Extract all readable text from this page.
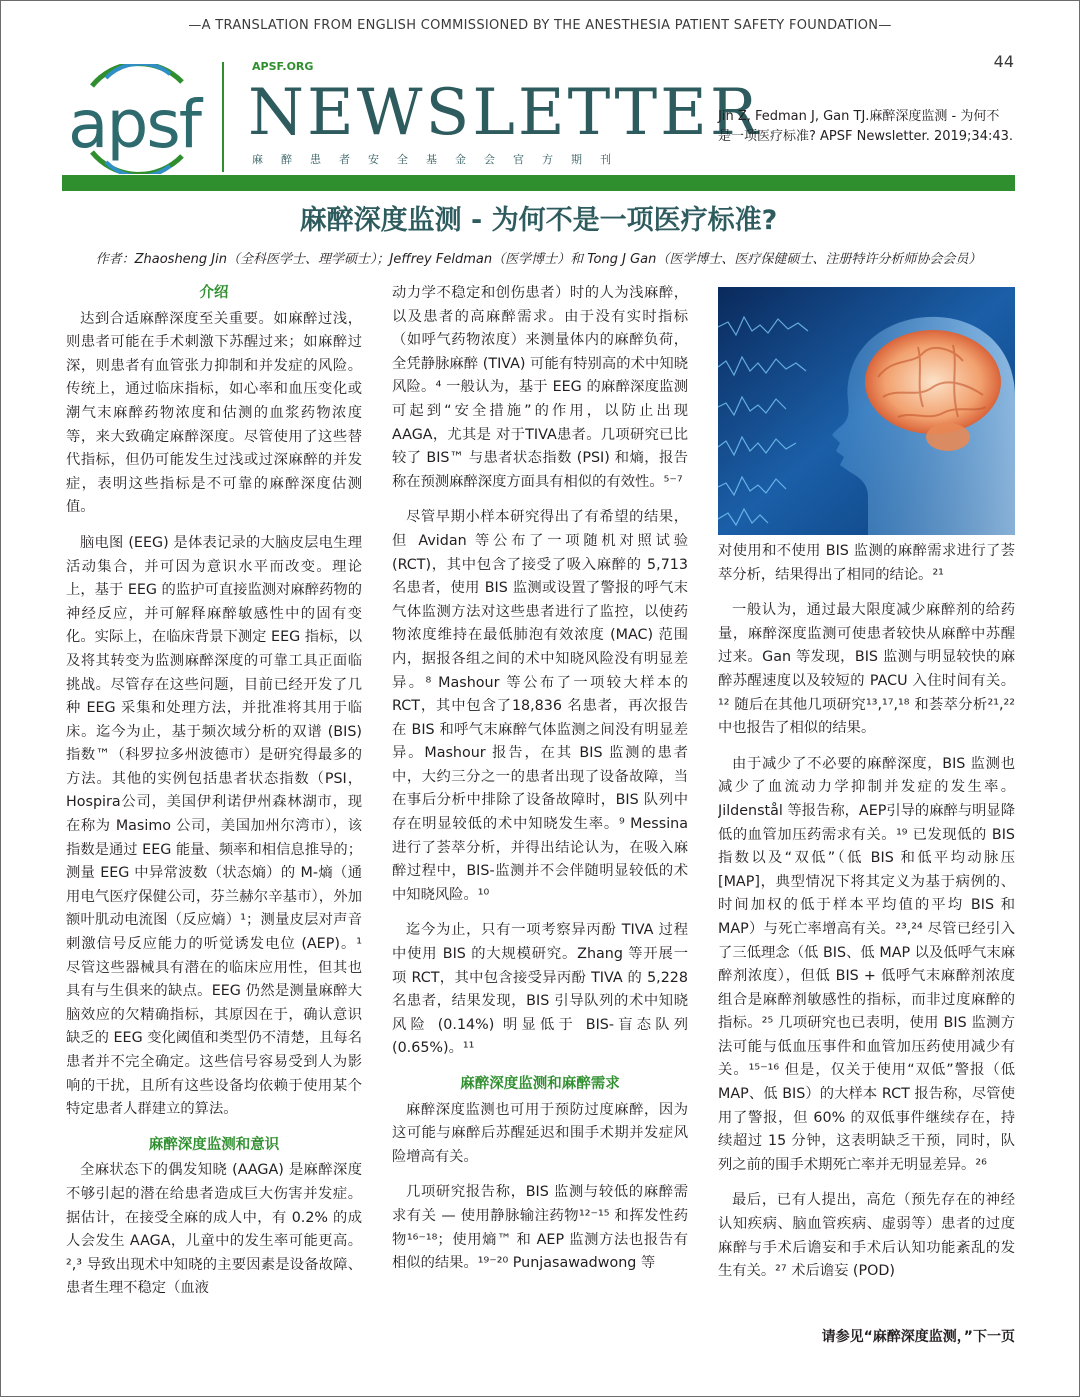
—A TRANSLATION FROM ENGLISH COMMISSIONED BY THE ANESTHESIA PATIENT SAFETY FOUNDATION—
44
apsf
APSF.ORG
NEWSLETTER
麻醉患者安全基金会官方期刊
Jin Z, Fedman J, Gan TJ.麻醉深度监测 - 为何不
是一项医疗标准? APSF Newsletter. 2019;34:43.
麻醉深度监测 - 为何不是一项医疗标准?
作者：Zhaosheng Jin（全科医学士、理学硕士）；Jeffrey Feldman（医学博士）和 Tong J Gan（医学博士、医疗保健硕士、注册特许分析师协会会员）
介绍

达到合适麻醉深度至关重要。如麻醉过浅，则患者可能在手术刺激下苏醒过来；如麻醉过深，则患者有血管张力抑制和并发症的风险。传统上，通过临床指标，如心率和血压变化或潮气末麻醉药物浓度和估测的血浆药物浓度等，来大致确定麻醉深度。尽管使用了这些替代指标，但仍可能发生过浅或过深麻醉的并发症，表明这些指标是不可靠的麻醉深度估测值。

脑电图 (EEG) 是体表记录的大脑皮层电生理活动集合，并可因为意识水平而改变。理论上，基于 EEG 的监护可直接监测对麻醉药物的神经反应，并可解释麻醉敏感性中的固有变化。实际上，在临床背景下测定 EEG 指标，以及将其转变为监测麻醉深度的可靠工具正面临挑战。尽管存在这些问题，目前已经开发了几种 EEG 采集和处理方法，并批准将其用于临床。迄今为止，基于频次域分析的双谱 (BIS) 指数™（科罗拉多州波德市）是研究得最多的方法。其他的实例包括患者状态指数（PSI，Hospira公司，美国伊利诺伊州森林湖市，现在称为 Masimo 公司，美国加州尔湾市），该指数是通过 EEG 能量、频率和相信息推导的；测量 EEG 中异常波数（状态熵）的 M-熵（通用电气医疗保健公司，芬兰赫尔辛基市），外加额叶肌动电流图（反应熵）¹；测量皮层对声音刺激信号反应能力的听觉诱发电位 (AEP)。¹ 尽管这些器械具有潜在的临床应用性，但其也具有与生俱来的缺点。EEG 仍然是测量麻醉大脑效应的欠精确指标，其原因在于，确认意识缺乏的 EEG 变化阈值和类型仍不清楚，且每名患者并不完全确定。这些信号容易受到人为影响的干扰，且所有这些设备均依赖于使用某个特定患者人群建立的算法。

麻醉深度监测和意识

全麻状态下的偶发知晓 (AAGA) 是麻醉深度不够引起的潜在给患者造成巨大伤害并发症。据估计，在接受全麻的成人中，有 0.2% 的成人会发生 AAGA，儿童中的发生率可能更高。²,³ 导致出现术中知晓的主要因素是设备故障、患者生理不稳定（血液

动力学不稳定和创伤患者）时的人为浅麻醉，以及患者的高麻醉需求。由于没有实时指标（如呼气药物浓度）来测量体内的麻醉负荷，全凭静脉麻醉 (TIVA) 可能有特别高的术中知晓风险。⁴ 一般认为，基于 EEG 的麻醉深度监测可起到“安全措施”的作用，以防止出现 AAGA，尤其是 对于TIVA患者。几项研究已比较了 BIS™ 与患者状态指数 (PSI) 和熵，报告称在预测麻醉深度方面具有相似的有效性。⁵⁻⁷

尽管早期小样本研究得出了有希望的结果，但 Avidan 等公布了一项随机对照试验 (RCT)，其中包含了接受了吸入麻醉的 5,713 名患者，使用 BIS 监测或设置了警报的呼气末气体监测方法对这些患者进行了监控，以使药物浓度维持在最低肺泡有效浓度 (MAC) 范围内，据报各组之间的术中知晓风险没有明显差异。⁸ Mashour 等公布了一项较大样本的 RCT，其中包含了18,836 名患者，再次报告在 BIS 和呼气末麻醉气体监测之间没有明显差异。Mashour 报告，在其 BIS 监测的患者中，大约三分之一的患者出现了设备故障，当在事后分析中排除了设备故障时，BIS 队列中存在明显较低的术中知晓发生率。⁹ Messina 进行了荟萃分析，并得出结论认为，在吸入麻醉过程中，BIS-监测并不会伴随明显较低的术中知晓风险。¹⁰

迄今为止，只有一项考察异丙酚 TIVA 过程中使用 BIS 的大规模研究。Zhang 等开展一项 RCT，其中包含接受异丙酚 TIVA 的 5,228 名患者，结果发现，BIS 引导队列的术中知晓风险 (0.14%) 明显低于 BIS-盲态队列 (0.65%)。¹¹

麻醉深度监测和麻醉需求

麻醉深度监测也可用于预防过度麻醉，因为这可能与麻醉后苏醒延迟和围手术期并发症风险增高有关。

几项研究报告称，BIS 监测与较低的麻醉需求有关 — 使用静脉输注药物¹²⁻¹⁵ 和挥发性药物¹⁶⁻¹⁸；使用熵™ 和 AEP 监测方法也报告有相似的结果。¹⁹⁻²⁰ Punjasawadwong 等

对使用和不使用 BIS 监测的麻醉需求进行了荟萃分析，结果得出了相同的结论。²¹

一般认为，通过最大限度减少麻醉剂的给药量，麻醉深度监测可使患者较快从麻醉中苏醒过来。Gan 等发现，BIS 监测与明显较快的麻醉苏醒速度以及较短的 PACU 入住时间有关。¹² 随后在其他几项研究¹³,¹⁷,¹⁸ 和荟萃分析²¹,²² 中也报告了相似的结果。

由于减少了不必要的麻醉深度，BIS 监测也减少了血流动力学抑制并发症的发生率。Jildenstål 等报告称，AEP引导的麻醉与明显降低的血管加压药需求有关。¹⁹ 已发现低的 BIS 指数以及“双低”（低 BIS 和低平均动脉压 [MAP]，典型情况下将其定义为基于病例的、时间加权的低于样本平均值的平均 BIS 和 MAP）与死亡率增高有关。²³,²⁴ 尽管已经引入了三低理念（低 BIS、低 MAP 以及低呼气末麻醉剂浓度），但低 BIS + 低呼气末麻醉剂浓度组合是麻醉剂敏感性的指标，而非过度麻醉的指标。²⁵ 几项研究也已表明，使用 BIS 监测方法可能与低血压事件和血管加压药使用减少有关。¹⁵⁻¹⁶ 但是，仅关于使用“双低”警报（低 MAP、低 BIS）的大样本 RCT 报告称，尽管使用了警报，但 60% 的双低事件继续存在，持续超过 15 分钟，这表明缺乏干预，同时，队列之前的围手术期死亡率并无明显差异。²⁶

最后，已有人提出，高危（预先存在的神经认知疾病、脑血管疾病、虚弱等）患者的过度麻醉与手术后谵妄和手术后认知功能紊乱的发生有关。²⁷ 术后谵妄 (POD)

请参见“麻醉深度监测，”下一页
